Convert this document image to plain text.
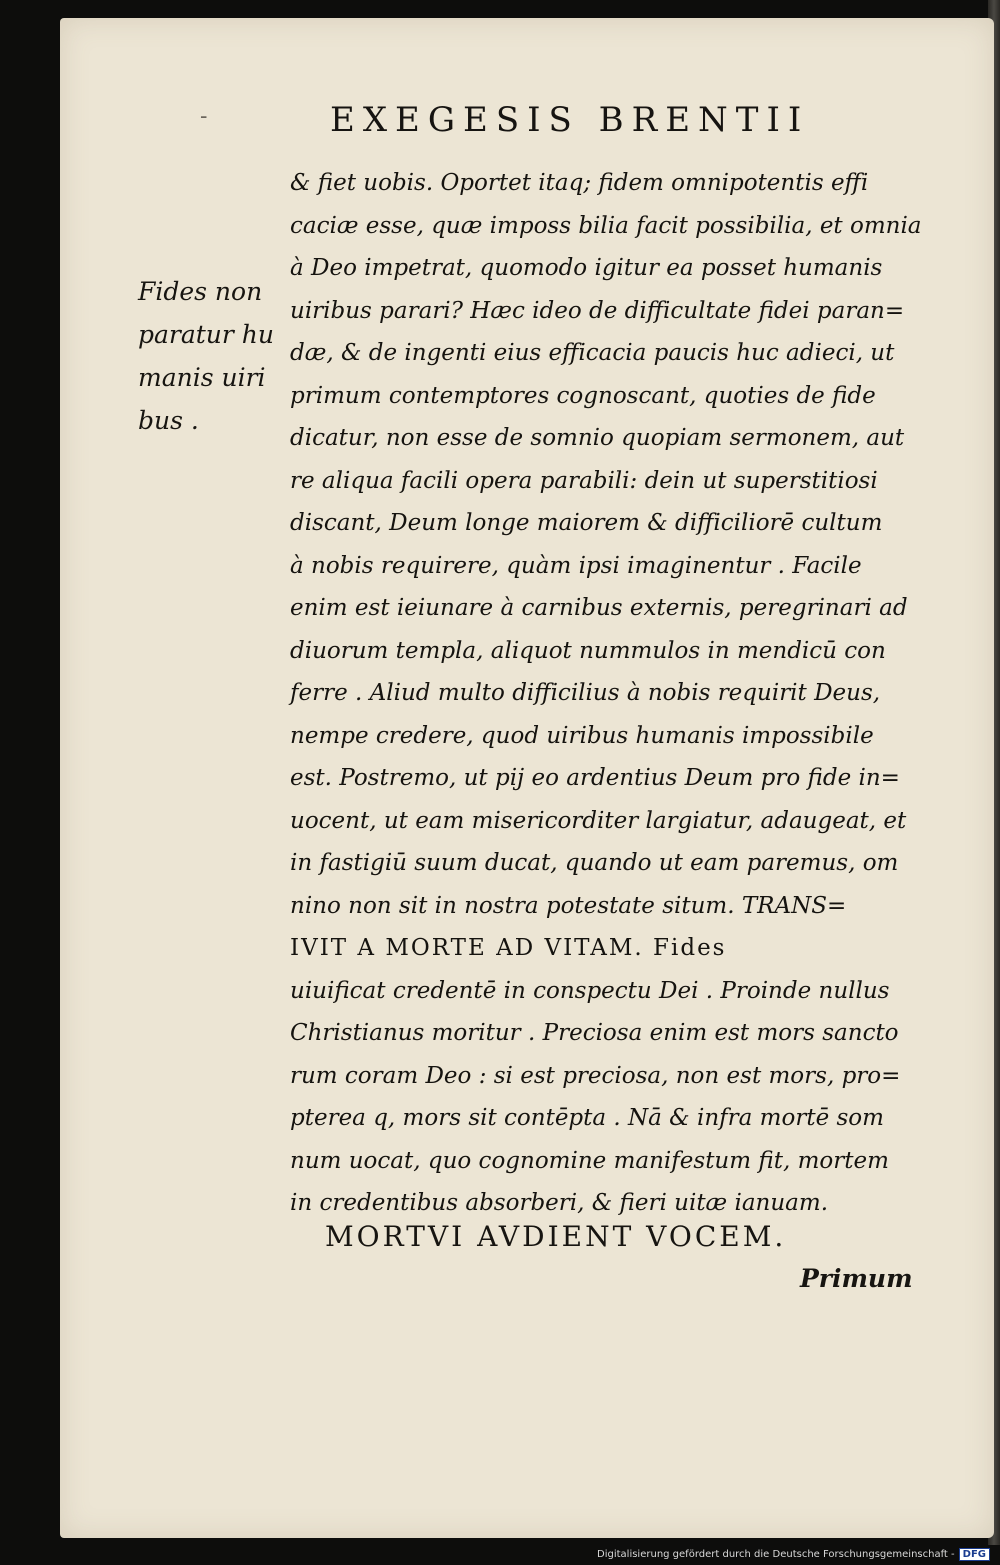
-	EXEGESIS BRENTII
Fides non
paratur hu
manis uiri
bus .
& fiet uobis. Oportet itaq; fidem omnipotentis effi
caciæ esse, quæ imposs bilia facit possibilia, et omnia
à Deo impetrat, quomodo igitur ea posset humanis
uiribus parari? Hæc ideo de difficultate fidei paran=
dæ, & de ingenti eius efficacia paucis huc adieci, ut
primum contemptores cognoscant, quoties de fide
dicatur, non esse de somnio quopiam sermonem, aut
re aliqua facili opera parabili: dein ut superstitiosi
discant, Deum longe maiorem & difficiliorē cultum
à nobis requirere, quàm ipsi imaginentur . Facile
enim est ieiunare à carnibus externis, peregrinari ad
diuorum templa, aliquot nummulos in mendicū con
ferre . Aliud multo difficilius à nobis requirit Deus,
nempe credere, quod uiribus humanis impossibile
est. Postremo, ut pij eo ardentius Deum pro fide in=
uocent, ut eam misericorditer largiatur, adaugeat, et
in fastigiū suum ducat, quando ut eam paremus, om
nino non sit in nostra potestate situm. TRANS=
IVIT A MORTE AD VITAM. Fides
uiuificat credentē in conspectu Dei . Proinde nullus
Christianus moritur . Preciosa enim est mors sancto
rum coram Deo : si est preciosa, non est mors, pro=
pterea q, mors sit contēpta . Nā & infra mortē som
num uocat, quo cognomine manifestum fit, mortem
in credentibus absorberi, & fieri uitæ ianuam.
MORTVI AVDIENT VOCEM.
Primum
Digitalisierung gefördert durch die Deutsche Forschungsgemeinschaft - DFG
